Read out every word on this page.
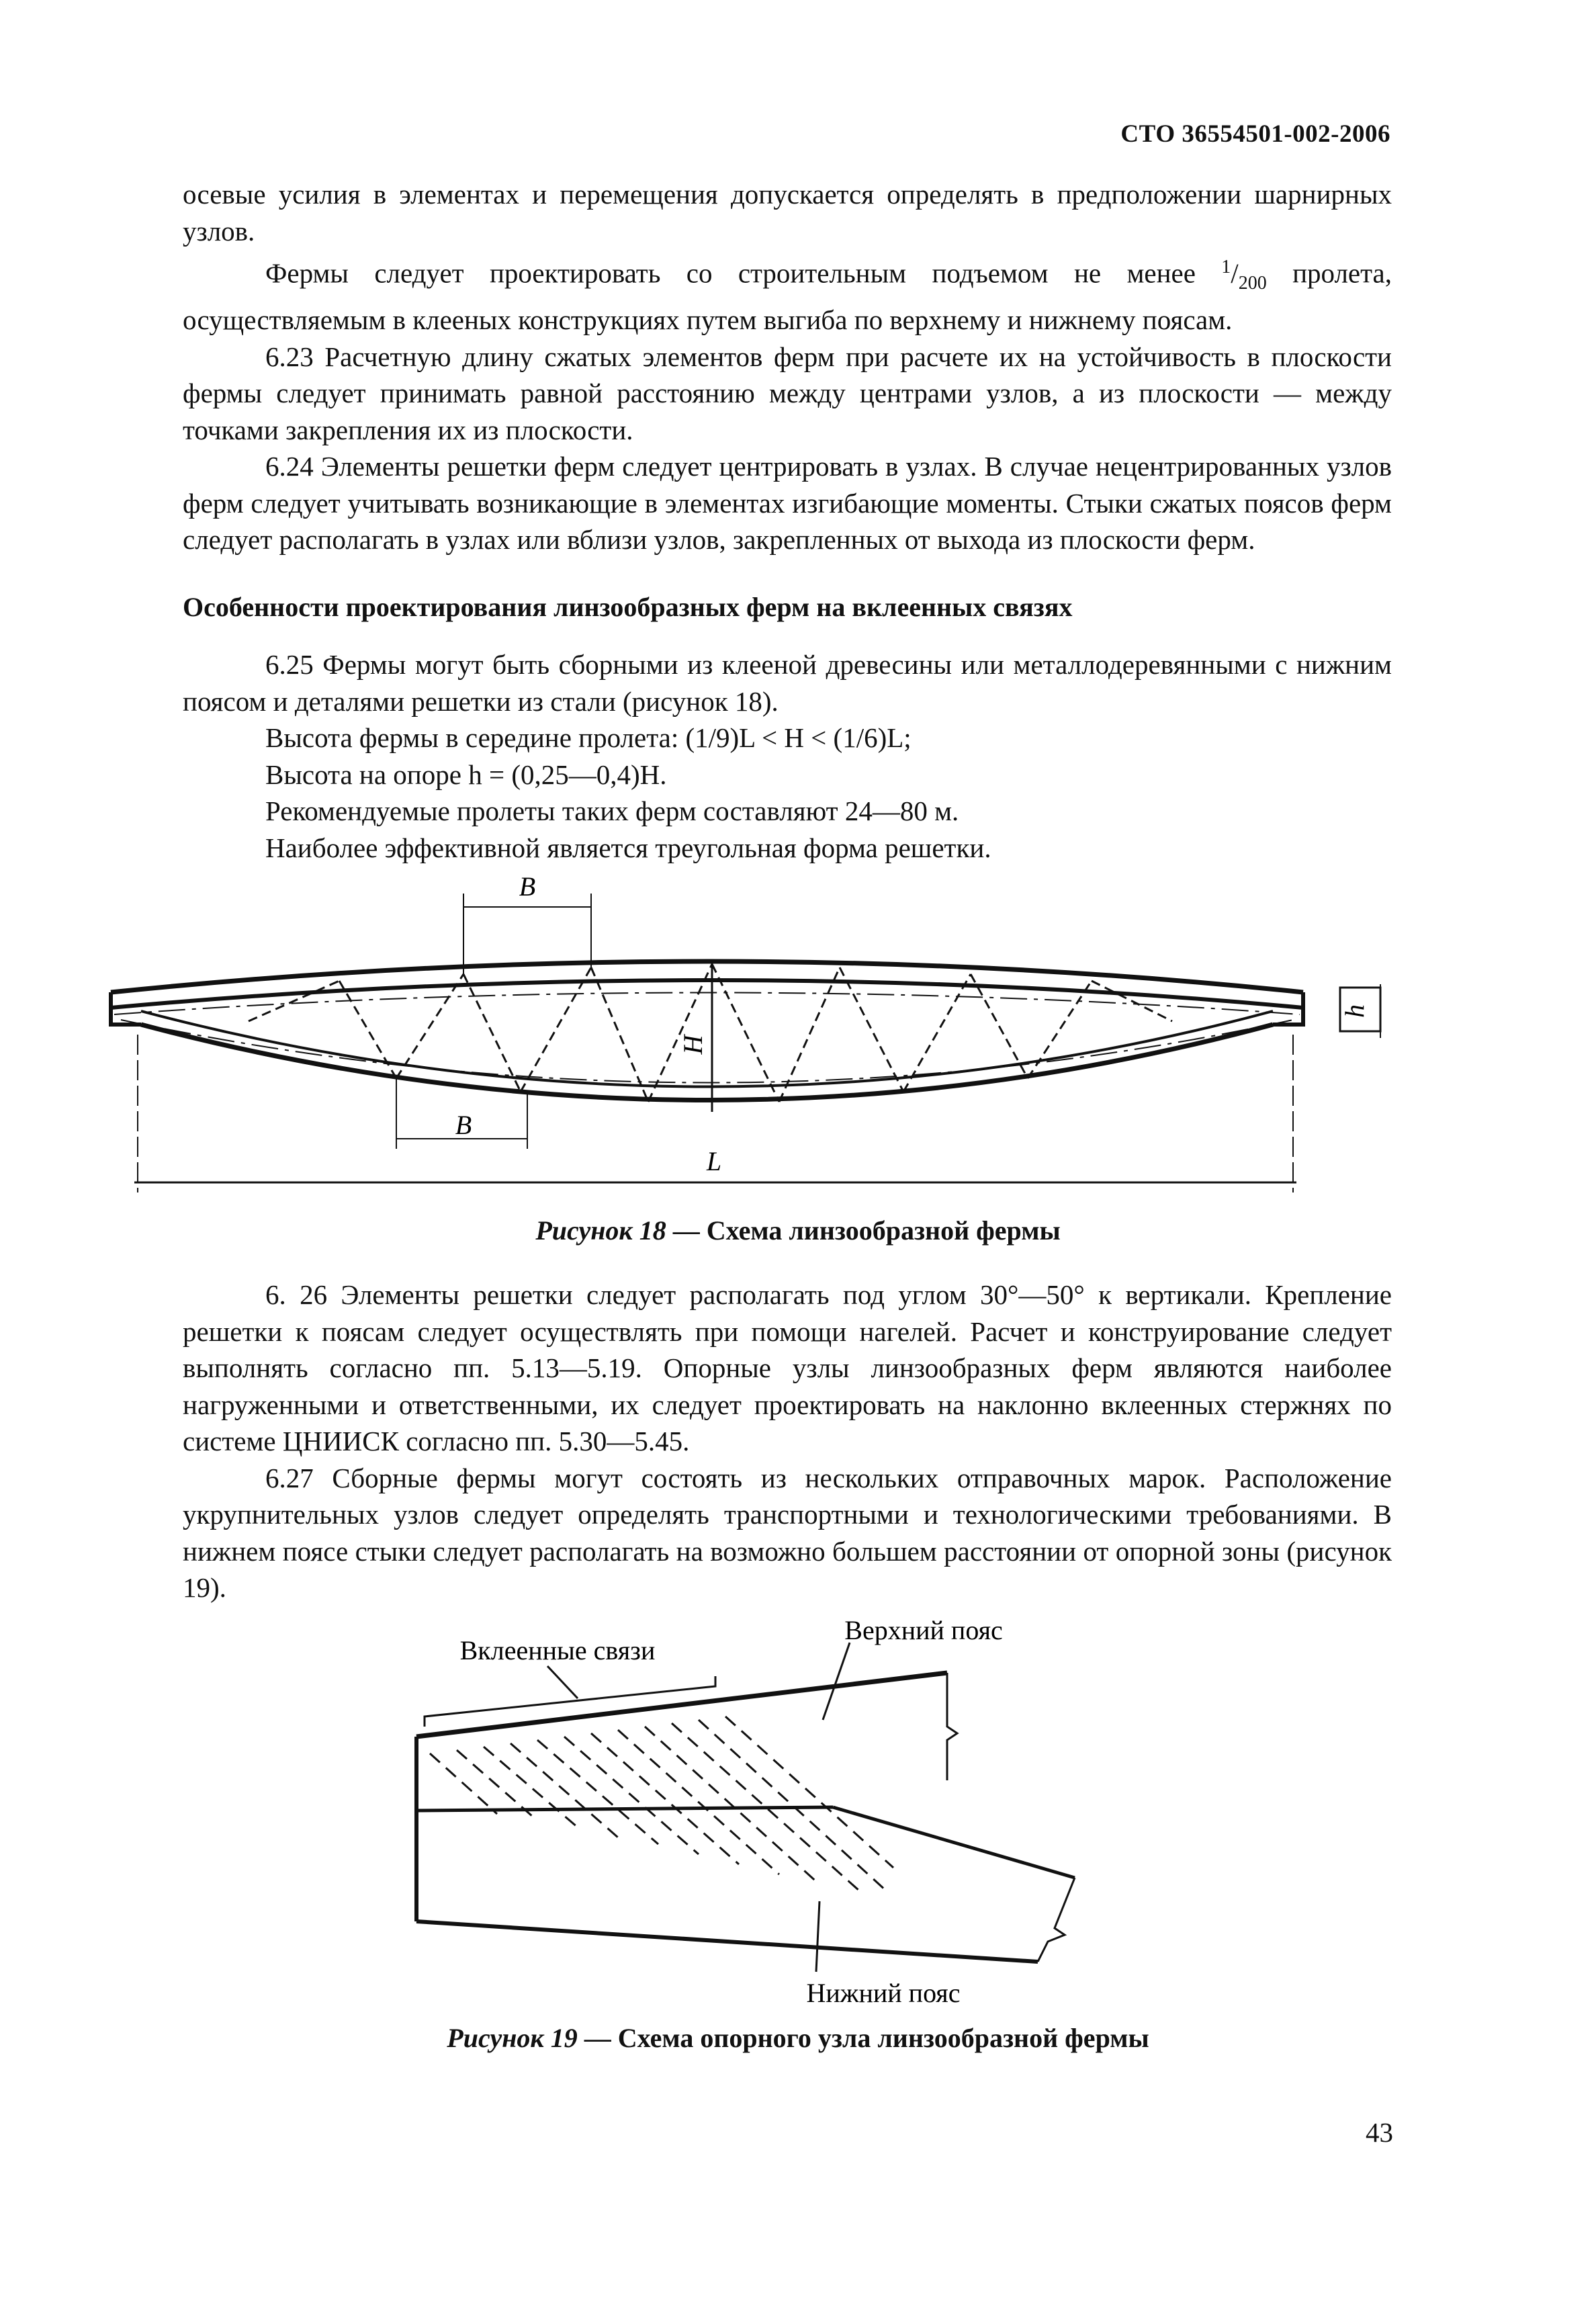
СТО 36554501-002-2006

осевые усилия в элементах и перемещения допускается определять в предположении шарнирных узлов.

Фермы следует проектировать со строительным подъемом не менее $^1/_{200}$ пролета, осуществляемым в клееных конструкциях путем выгиба по верхнему и нижнему поясам.

6.23 Расчетную длину сжатых элементов ферм при расчете их на устойчивость в плоскости фермы следует принимать равной расстоянию между центрами узлов, а из плоскости — между точками закрепления их из плоскости.

6.24 Элементы решетки ферм следует центрировать в узлах. В случае нецентрированных узлов ферм следует учитывать возникающие в элементах изгибающие моменты. Стыки сжатых поясов ферм следует располагать в узлах или вблизи узлов, закрепленных от выхода из плоскости ферм.

Особенности проектирования линзообразных ферм на вклеенных связях

6.25 Фермы могут быть сборными из клееной древесины или металлодеревянными с нижним поясом и деталями решетки из стали (рисунок 18).

Высота фермы в середине пролета: (1/9)L < H < (1/6)L;

Высота на опоре h = (0,25—0,4)H.

Рекомендуемые пролеты таких ферм составляют 24—80 м.

Наиболее эффективной является треугольная форма решетки.

B
B
H
h
L
Рисунок 18 — Схема линзообразной фермы

6. 26 Элементы решетки следует располагать под углом 30°—50° к вертикали. Крепление решетки к поясам следует осуществлять при помощи нагелей. Расчет и конструирование следует выполнять согласно пп. 5.13—5.19. Опорные узлы линзообразных ферм являются наиболее нагруженными и ответственными, их следует проектировать на наклонно вклеенных стержнях по системе ЦНИИСК согласно пп. 5.30—5.45.

6.27 Сборные фермы могут состоять из нескольких отправочных марок. Расположение укрупнительных узлов следует определять транспортными и технологическими требованиями. В нижнем поясе стыки следует располагать на возможно большем расстоянии от опорной зоны (рисунок 19).

Вклеенные связи
Верхний пояс
Нижний пояс
Рисунок 19 — Схема опорного узла линзообразной фермы
43
